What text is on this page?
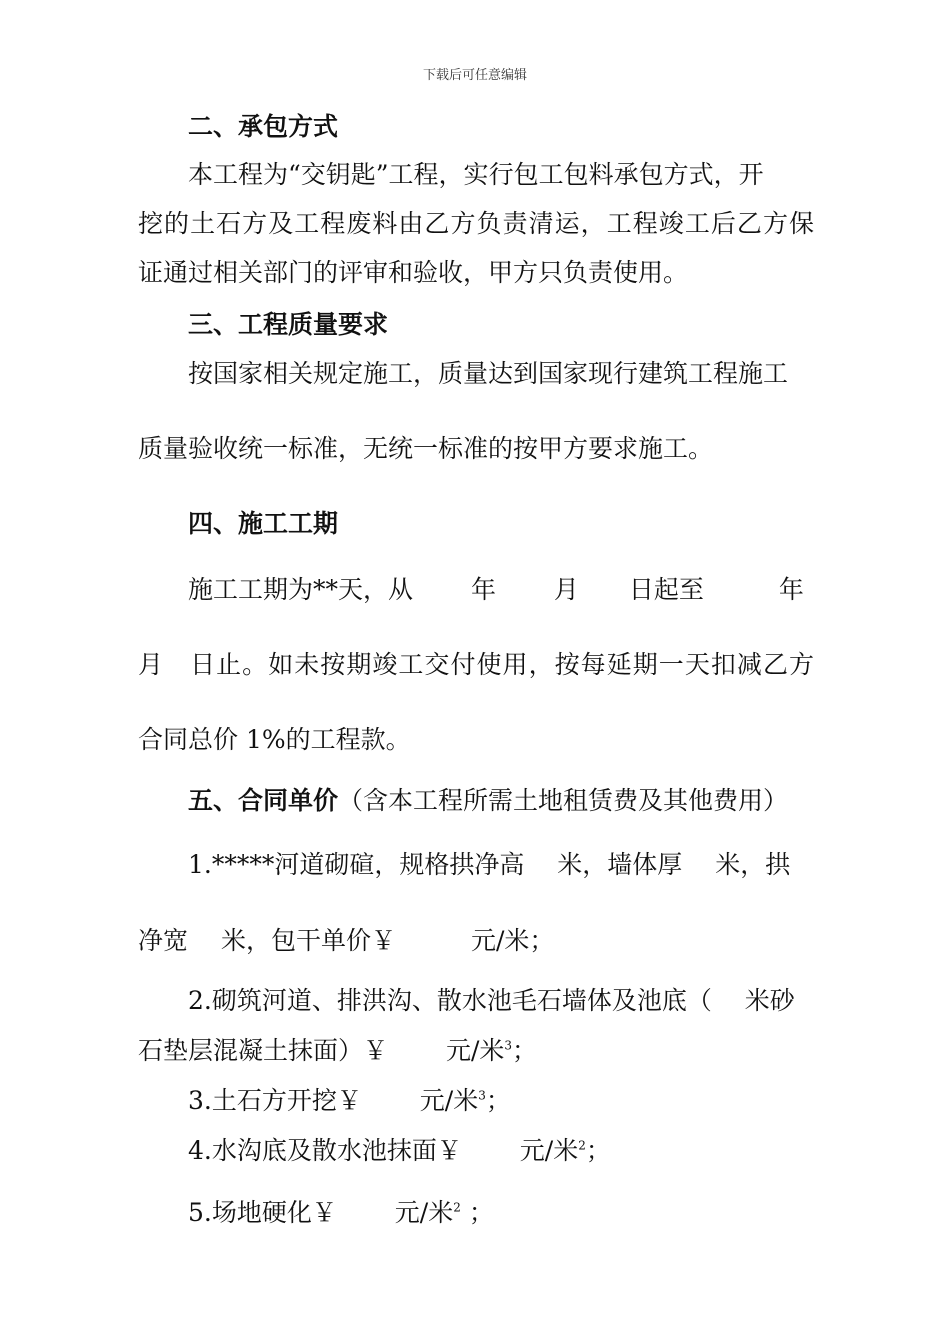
下载后可任意编辑
二、承包方式
本工程为“交钥匙”工程，实行包工包料承包方式，开
挖的土石方及工程废料由乙方负责清运，工程竣工后乙方保
证通过相关部门的评审和验收，甲方只负责使用。
三、工程质量要求
按国家相关规定施工，质量达到国家现行建筑工程施工
质量验收统一标准，无统一标准的按甲方要求施工。
四、施工工期
施工工期为**天，从　　 年　　 月　　日起至　　　年
月　日止。如未按期竣工交付使用，按每延期一天扣减乙方
合同总价 1%的工程款。
五、合同单价（含本工程所需土地租赁费及其他费用）
1.*****河道砌碹，规格拱净高　 米，墙体厚　 米，拱
净宽　 米，包干单价￥　　　元/米；
2.砌筑河道、排洪沟、散水池毛石墙体及池底（　 米砂
石垫层混凝土抹面）￥　　 元/米$^3$；
3.土石方开挖￥　　 元/米$^3$；
4.水沟底及散水池抹面￥　　 元/米$^2$；
5.场地硬化￥　　 元/米$^2$ ；
